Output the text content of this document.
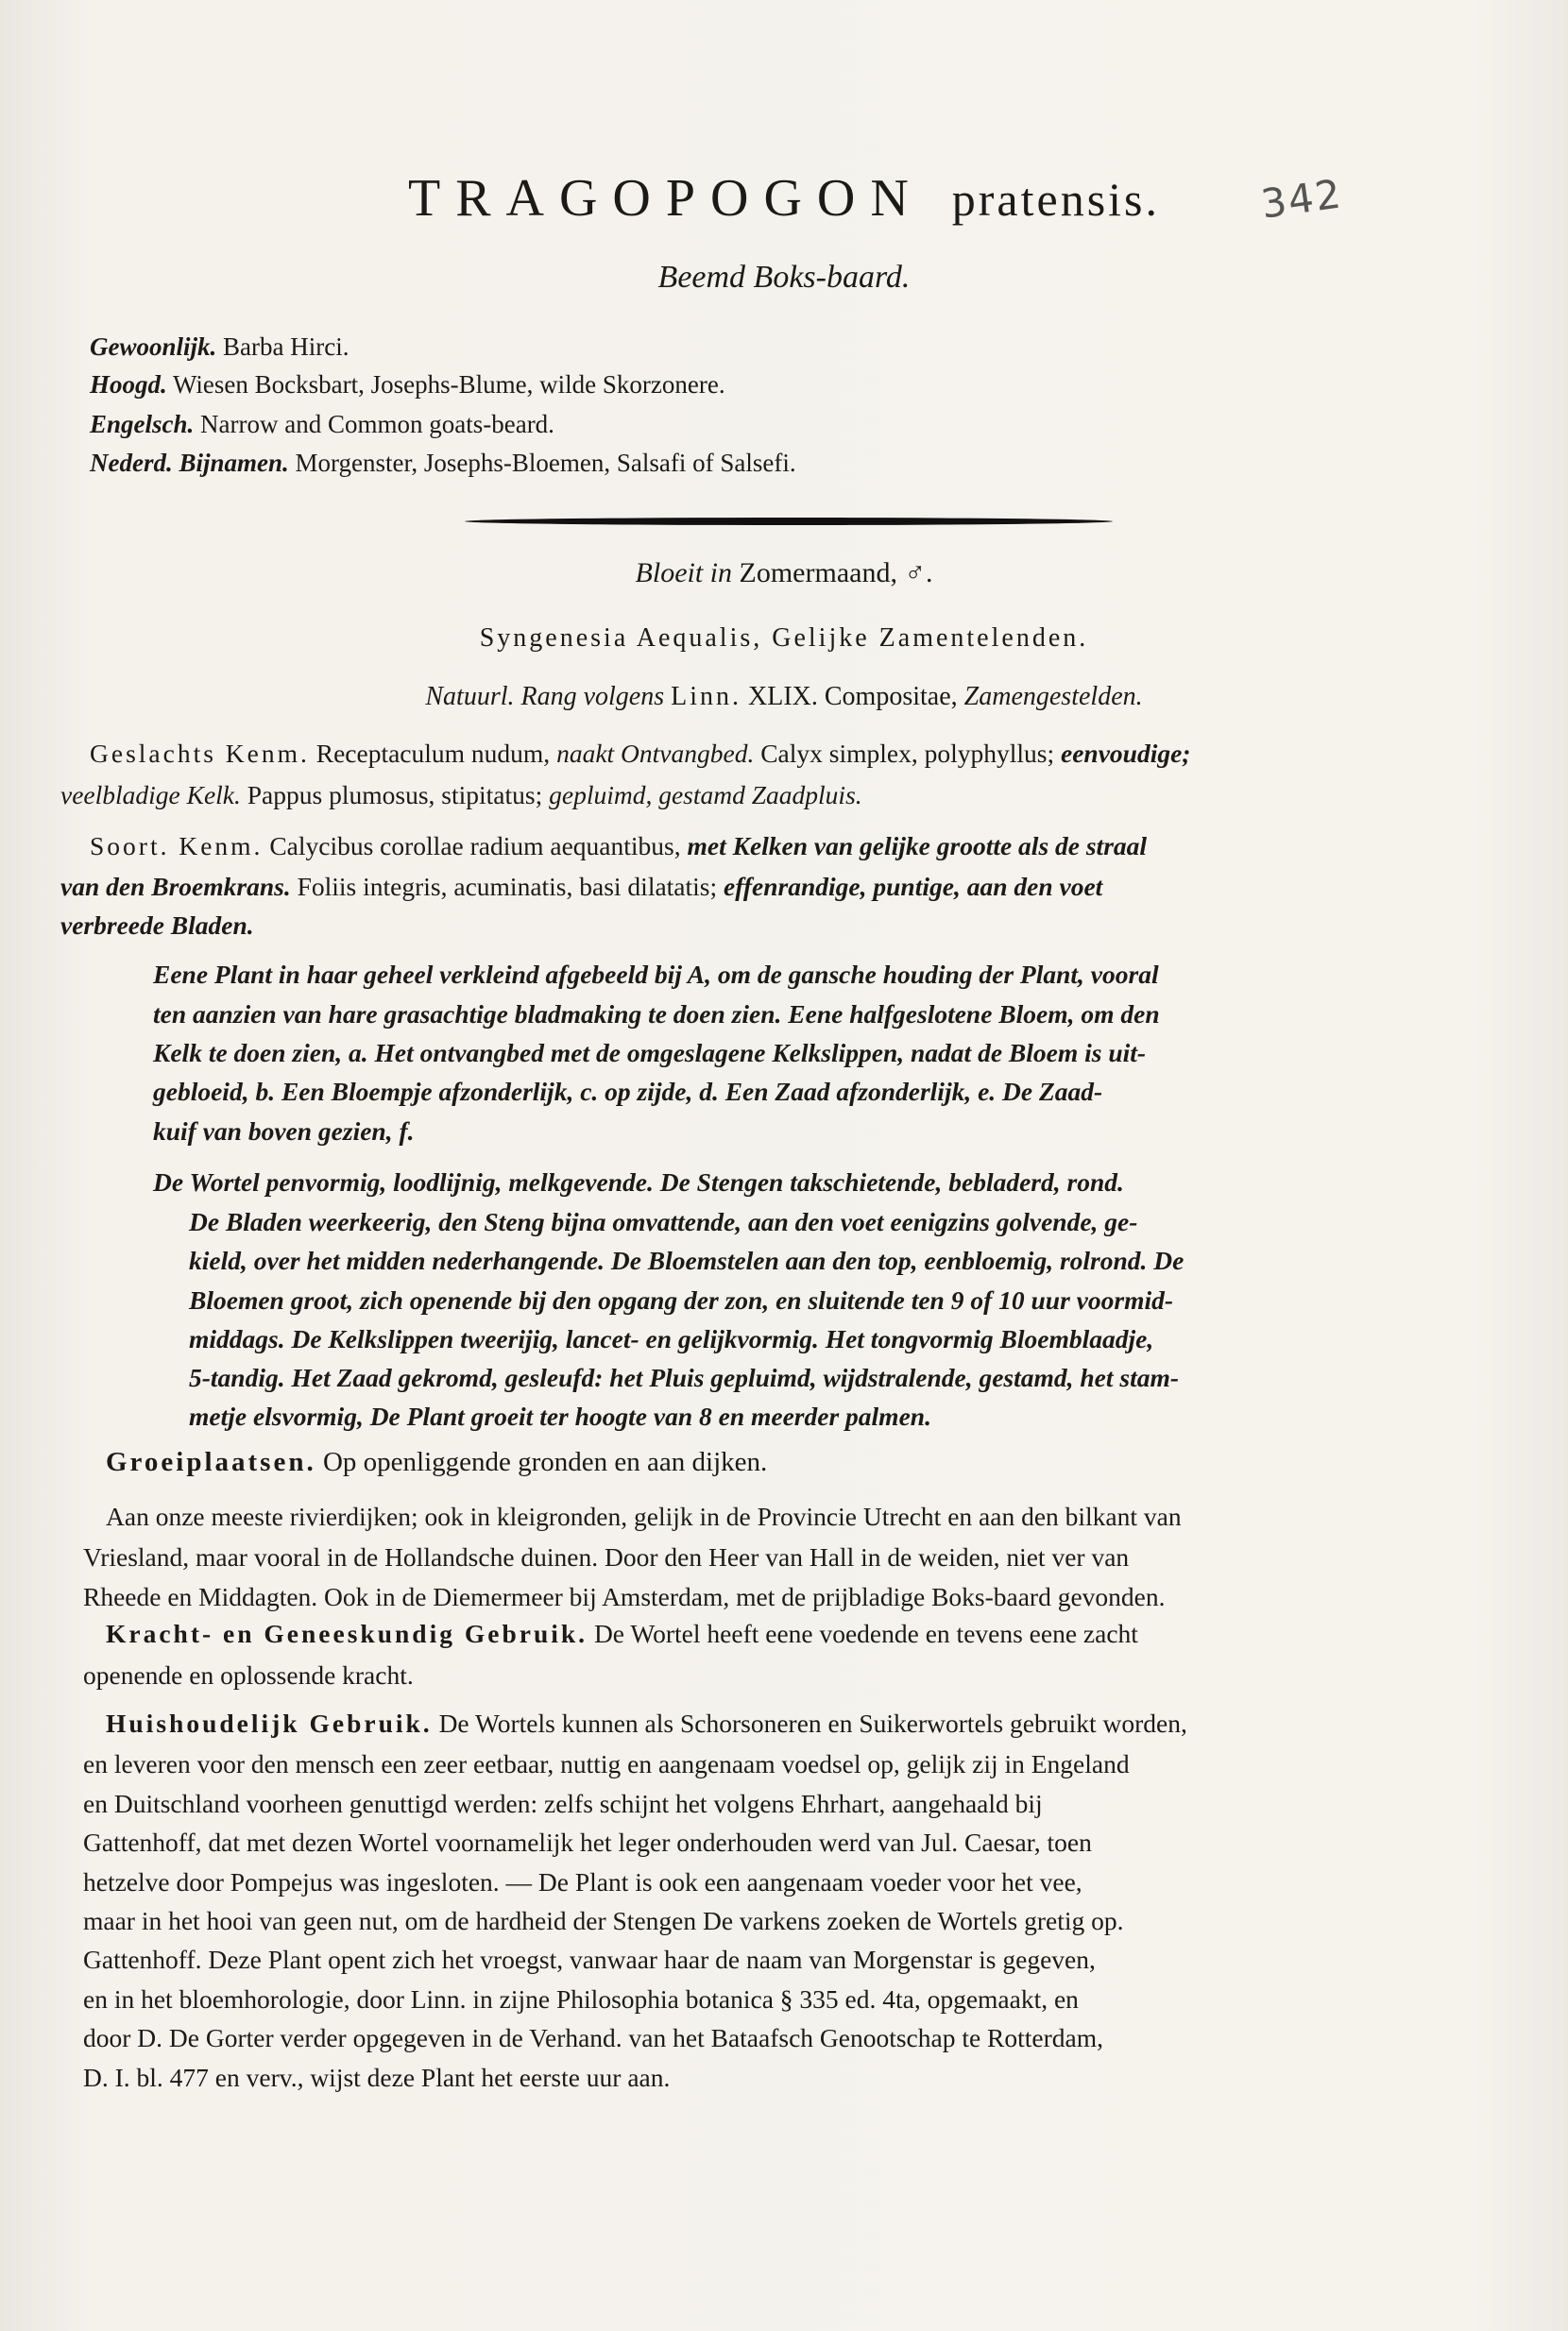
TRAGOPOGON pratensis.	342
Beemd Boks-baard.
Gewoonlijk. Barba Hirci.
Hoogd. Wiesen Bocksbart, Josephs-Blume, wilde Skorzonere.
Engelsch. Narrow and Common goats-beard.
Nederd. Bijnamen. Morgenster, Josephs-Bloemen, Salsafi of Salsefi.
Bloeit in Zomermaand, ♂.
Syngenesia Aequalis, Gelijke Zamentelenden.
Natuurl. Rang volgens Linn. XLIX. Compositae, Zamengestelden.
Geslachts Kenm. Receptaculum nudum, naakt Ontvangbed. Calyx simplex, polyphyllus; eenvoudige;
veelbladige Kelk. Pappus plumosus, stipitatus; gepluimd, gestamd Zaadpluis.
Soort. Kenm. Calycibus corollae radium aequantibus, met Kelken van gelijke grootte als de straal
van den Broemkrans. Foliis integris, acuminatis, basi dilatatis; effenrandige, puntige, aan den voet
verbreede Bladen.
Eene Plant in haar geheel verkleind afgebeeld bij A, om de gansche houding der Plant, vooral
ten aanzien van hare grasachtige bladmaking te doen zien. Eene halfgeslotene Bloem, om den
Kelk te doen zien, a. Het ontvangbed met de omgeslagene Kelkslippen, nadat de Bloem is uit-
gebloeid, b. Een Bloempje afzonderlijk, c. op zijde, d. Een Zaad afzonderlijk, e. De Zaad-
kuif van boven gezien, f.
De Wortel penvormig, loodlijnig, melkgevende. De Stengen takschietende, bebladerd, rond.
De Bladen weerkeerig, den Steng bijna omvattende, aan den voet eenigzins golvende, ge-
kield, over het midden nederhangende. De Bloemstelen aan den top, eenbloemig, rolrond. De
Bloemen groot, zich openende bij den opgang der zon, en sluitende ten 9 of 10 uur voormid-
middags. De Kelkslippen tweerijig, lancet- en gelijkvormig. Het tongvormig Bloemblaadje,
5-tandig. Het Zaad gekromd, gesleufd: het Pluis gepluimd, wijdstralende, gestamd, het stam-
metje elsvormig, De Plant groeit ter hoogte van 8 en meerder palmen.
Groeiplaatsen. Op openliggende gronden en aan dijken.
Aan onze meeste rivierdijken; ook in kleigronden, gelijk in de Provincie Utrecht en aan den bilkant van
Vriesland, maar vooral in de Hollandsche duinen. Door den Heer van Hall in de weiden, niet ver van
Rheede en Middagten. Ook in de Diemermeer bij Amsterdam, met de prijbladige Boks-baard gevonden.
Kracht- en Geneeskundig Gebruik. De Wortel heeft eene voedende en tevens eene zacht
openende en oplossende kracht.
Huishoudelijk Gebruik. De Wortels kunnen als Schorsoneren en Suikerwortels gebruikt worden,
en leveren voor den mensch een zeer eetbaar, nuttig en aangenaam voedsel op, gelijk zij in Engeland
en Duitschland voorheen genuttigd werden: zelfs schijnt het volgens Ehrhart, aangehaald bij
Gattenhoff, dat met dezen Wortel voornamelijk het leger onderhouden werd van Jul. Caesar, toen
hetzelve door Pompejus was ingesloten. — De Plant is ook een aangenaam voeder voor het vee,
maar in het hooi van geen nut, om de hardheid der Stengen De varkens zoeken de Wortels gretig op.
Gattenhoff. Deze Plant opent zich het vroegst, vanwaar haar de naam van Morgenstar is gegeven,
en in het bloemhorologie, door Linn. in zijne Philosophia botanica § 335 ed. 4ta, opgemaakt, en
door D. De Gorter verder opgegeven in de Verhand. van het Bataafsch Genootschap te Rotterdam,
D. I. bl. 477 en verv., wijst deze Plant het eerste uur aan.
